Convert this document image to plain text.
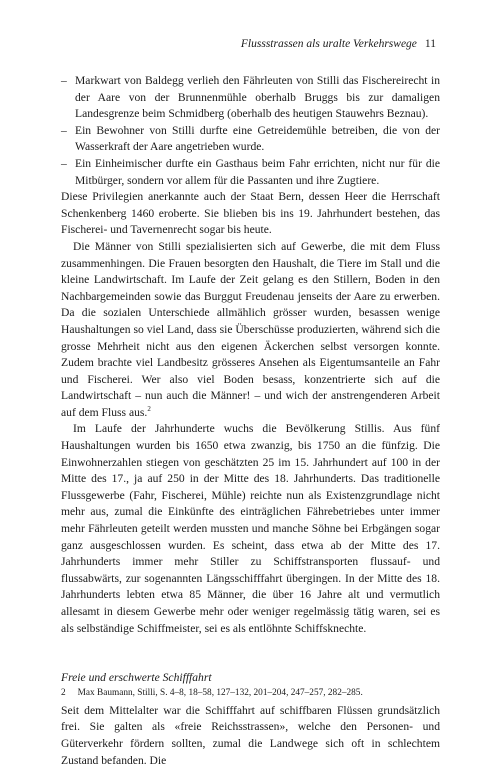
Flussstrassen als uralte Verkehrswege 11
– Markwart von Baldegg verlieh den Fährleuten von Stilli das Fischereirecht in der Aare von der Brunnenmühle oberhalb Bruggs bis zur damaligen Landesgrenze beim Schmidberg (oberhalb des heutigen Stauwehrs Beznau).
– Ein Bewohner von Stilli durfte eine Getreidemühle betreiben, die von der Wasserkraft der Aare angetrieben wurde.
– Ein Einheimischer durfte ein Gasthaus beim Fahr errichten, nicht nur für die Mitbürger, sondern vor allem für die Passanten und ihre Zugtiere.

Diese Privilegien anerkannte auch der Staat Bern, dessen Heer die Herrschaft Schenkenberg 1460 eroberte. Sie blieben bis ins 19. Jahrhundert bestehen, das Fischerei- und Tavernenrecht sogar bis heute.

Die Männer von Stilli spezialisierten sich auf Gewerbe, die mit dem Fluss zusammenhingen. Die Frauen besorgten den Haushalt, die Tiere im Stall und die kleine Landwirtschaft. Im Laufe der Zeit gelang es den Stillern, Boden in den Nachbargemeinden sowie das Burggut Freudenau jenseits der Aare zu erwerben. Da die sozialen Unterschiede allmählich grösser wurden, besassen wenige Haushaltungen so viel Land, dass sie Überschüsse produzierten, während sich die grosse Mehrheit nicht aus den eigenen Äckerchen selbst versorgen konnte. Zudem brachte viel Landbesitz grösseres Ansehen als Eigentumsanteile an Fahr und Fischerei. Wer also viel Boden besass, konzentrierte sich auf die Landwirtschaft – nun auch die Männer! – und wich der anstrengenderen Arbeit auf dem Fluss aus.$^2$

Im Laufe der Jahrhunderte wuchs die Bevölkerung Stillis. Aus fünf Haushaltungen wurden bis 1650 etwa zwanzig, bis 1750 an die fünfzig. Die Einwohnerzahlen stiegen von geschätzten 25 im 15. Jahrhundert auf 100 in der Mitte des 17., ja auf 250 in der Mitte des 18. Jahrhunderts. Das traditionelle Flussgewerbe (Fahr, Fischerei, Mühle) reichte nun als Existenzgrundlage nicht mehr aus, zumal die Einkünfte des einträglichen Fährebetriebes unter immer mehr Fährleuten geteilt werden mussten und manche Söhne bei Erbgängen sogar ganz ausgeschlossen wurden. Es scheint, dass etwa ab der Mitte des 17. Jahrhunderts immer mehr Stiller zu Schiffstransporten flussauf- und flussabwärts, zur sogenannten Längsschifffahrt übergingen. In der Mitte des 18. Jahrhunderts lebten etwa 85 Männer, die über 16 Jahre alt und vermutlich allesamt in diesem Gewerbe mehr oder weniger regelmässig tätig waren, sei es als selbständige Schiffmeister, sei es als entlöhnte Schiffsknechte.

Freie und erschwerte Schifffahrt

Seit dem Mittelalter war die Schifffahrt auf schiffbaren Flüssen grundsätzlich frei. Sie galten als «freie Reichsstrassen», welche den Personen- und Güterverkehr fördern sollten, zumal die Landwege sich oft in schlechtem Zustand befanden. Die

2 Max Baumann, Stilli, S. 4–8, 18–58, 127–132, 201–204, 247–257, 282–285.
